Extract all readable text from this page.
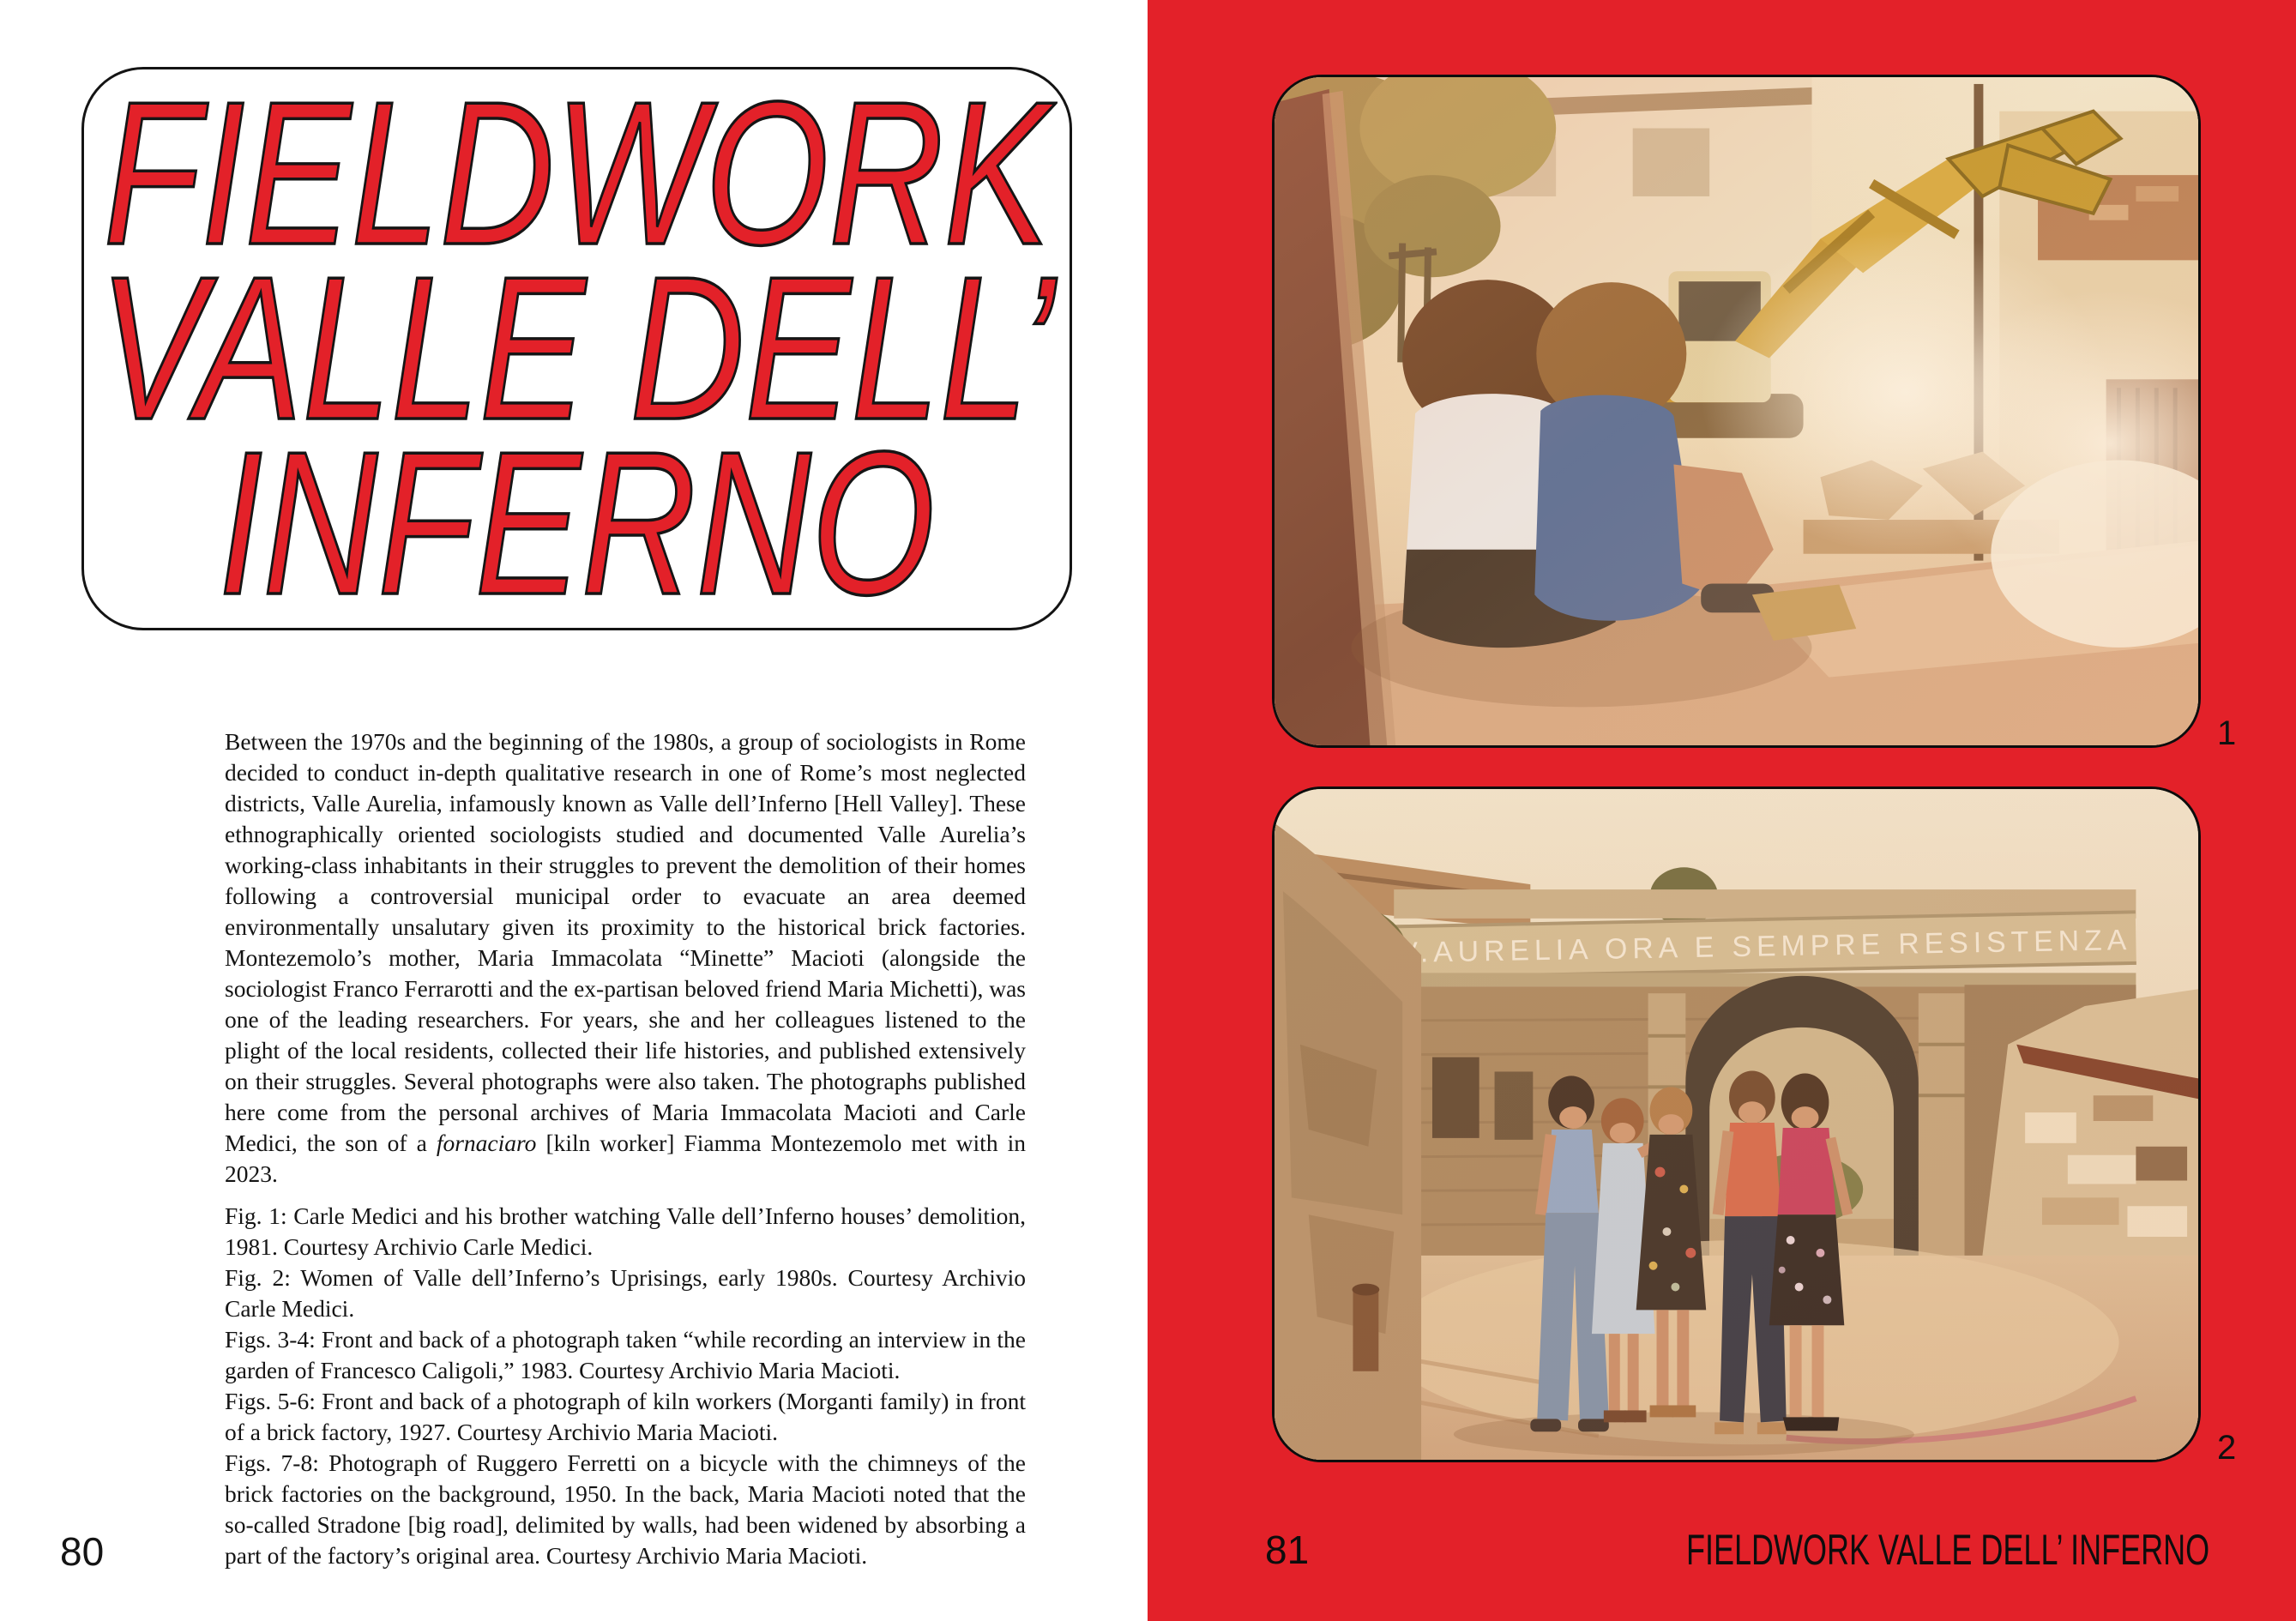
FIELDWORK
VALLE DELL’
INFERNO

Between the 1970s and the beginning of the 1980s, a group of sociologists in Rome decided to conduct in-depth qualitative research in one of Rome’s most neglected districts, Valle Aurelia, infamously known as Valle dell’Inferno [Hell Valley]. These ethnographically oriented sociologists studied and documented Valle Aurelia’s working-class inhabitants in their struggles to prevent the demolition of their homes following a controversial municipal order to evacuate an area deemed environmentally unsalutary given its proximity to the historical brick factories. Montezemolo’s mother, Maria Immacolata “Minette” Macioti (alongside the sociologist Franco Ferrarotti and the ex-partisan beloved friend Maria Michetti), was one of the leading researchers. For years, she and her colleagues listened to the plight of the local residents, collected their life histories, and published extensively on their struggles. Several photographs were also taken. The photographs published here come from the personal archives of Maria Immacolata Macioti and Carle Medici, the son of a fornaciaro [kiln worker] Fiamma Montezemolo met with in 2023.

Fig. 1: Carle Medici and his brother watching Valle dell’Inferno houses’ demolition, 1981. Courtesy Archivio Carle Medici.

Fig. 2: Women of Valle dell’Inferno’s Uprisings, early 1980s. Courtesy Archivio Carle Medici.

Figs. 3-4: Front and back of a photograph taken “while recording an interview in the garden of Francesco Caligoli,” 1983. Courtesy Archivio Maria Macioti.

Figs. 5-6: Front and back of a photograph of kiln workers (Morganti family) in front of a brick factory, 1927. Courtesy Archivio Maria Macioti.

Figs. 7-8: Photograph of Ruggero Ferretti on a bicycle with the chimneys of the brick factories on the background, 1950. In the back, Maria Macioti noted that the so-called Stradone [big road], delimited by walls, had been widened by absorbing a part of the factory’s original area. Courtesy Archivio Maria Macioti.

80
1
2
81	FIELDWORK VALLE DELL’ INFERNO
